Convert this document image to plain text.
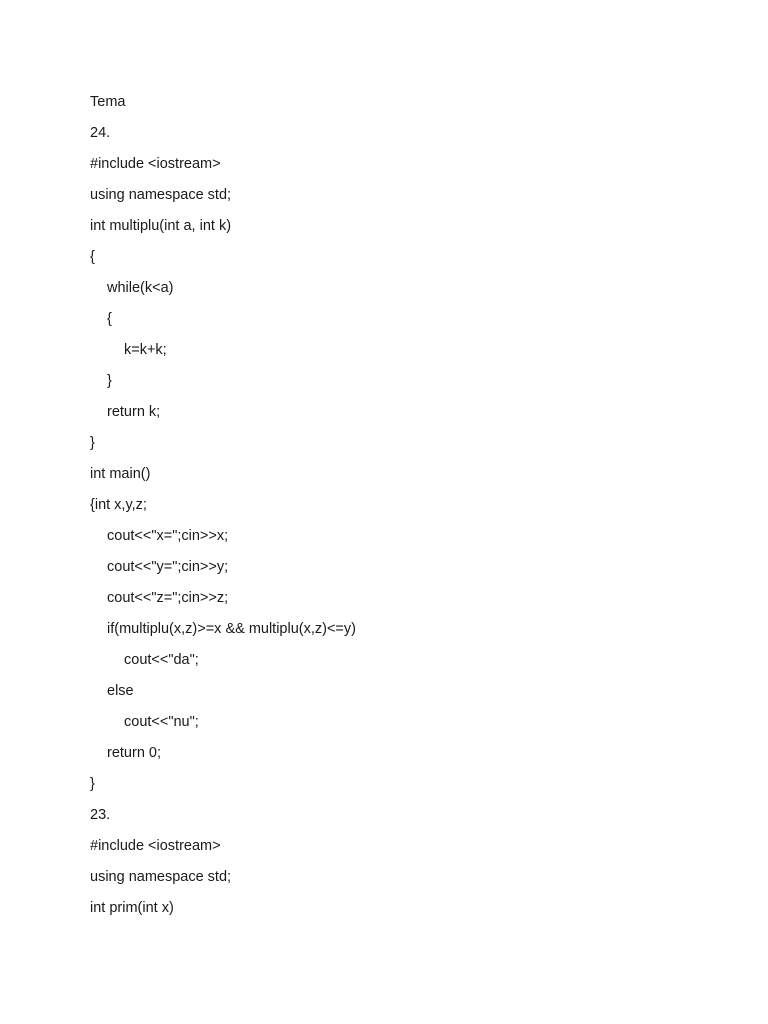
Tema
24.
#include <iostream>
using namespace std;
int multiplu(int a, int k)
{
while(k<a)
{
k=k+k;
}
return k;
}
int main()
{int x,y,z;
cout<<"x=";cin>>x;
cout<<"y=";cin>>y;
cout<<"z=";cin>>z;
if(multiplu(x,z)>=x && multiplu(x,z)<=y)
cout<<"da";
else
cout<<"nu";
return 0;
}
23.
#include <iostream>
using namespace std;
int prim(int x)
